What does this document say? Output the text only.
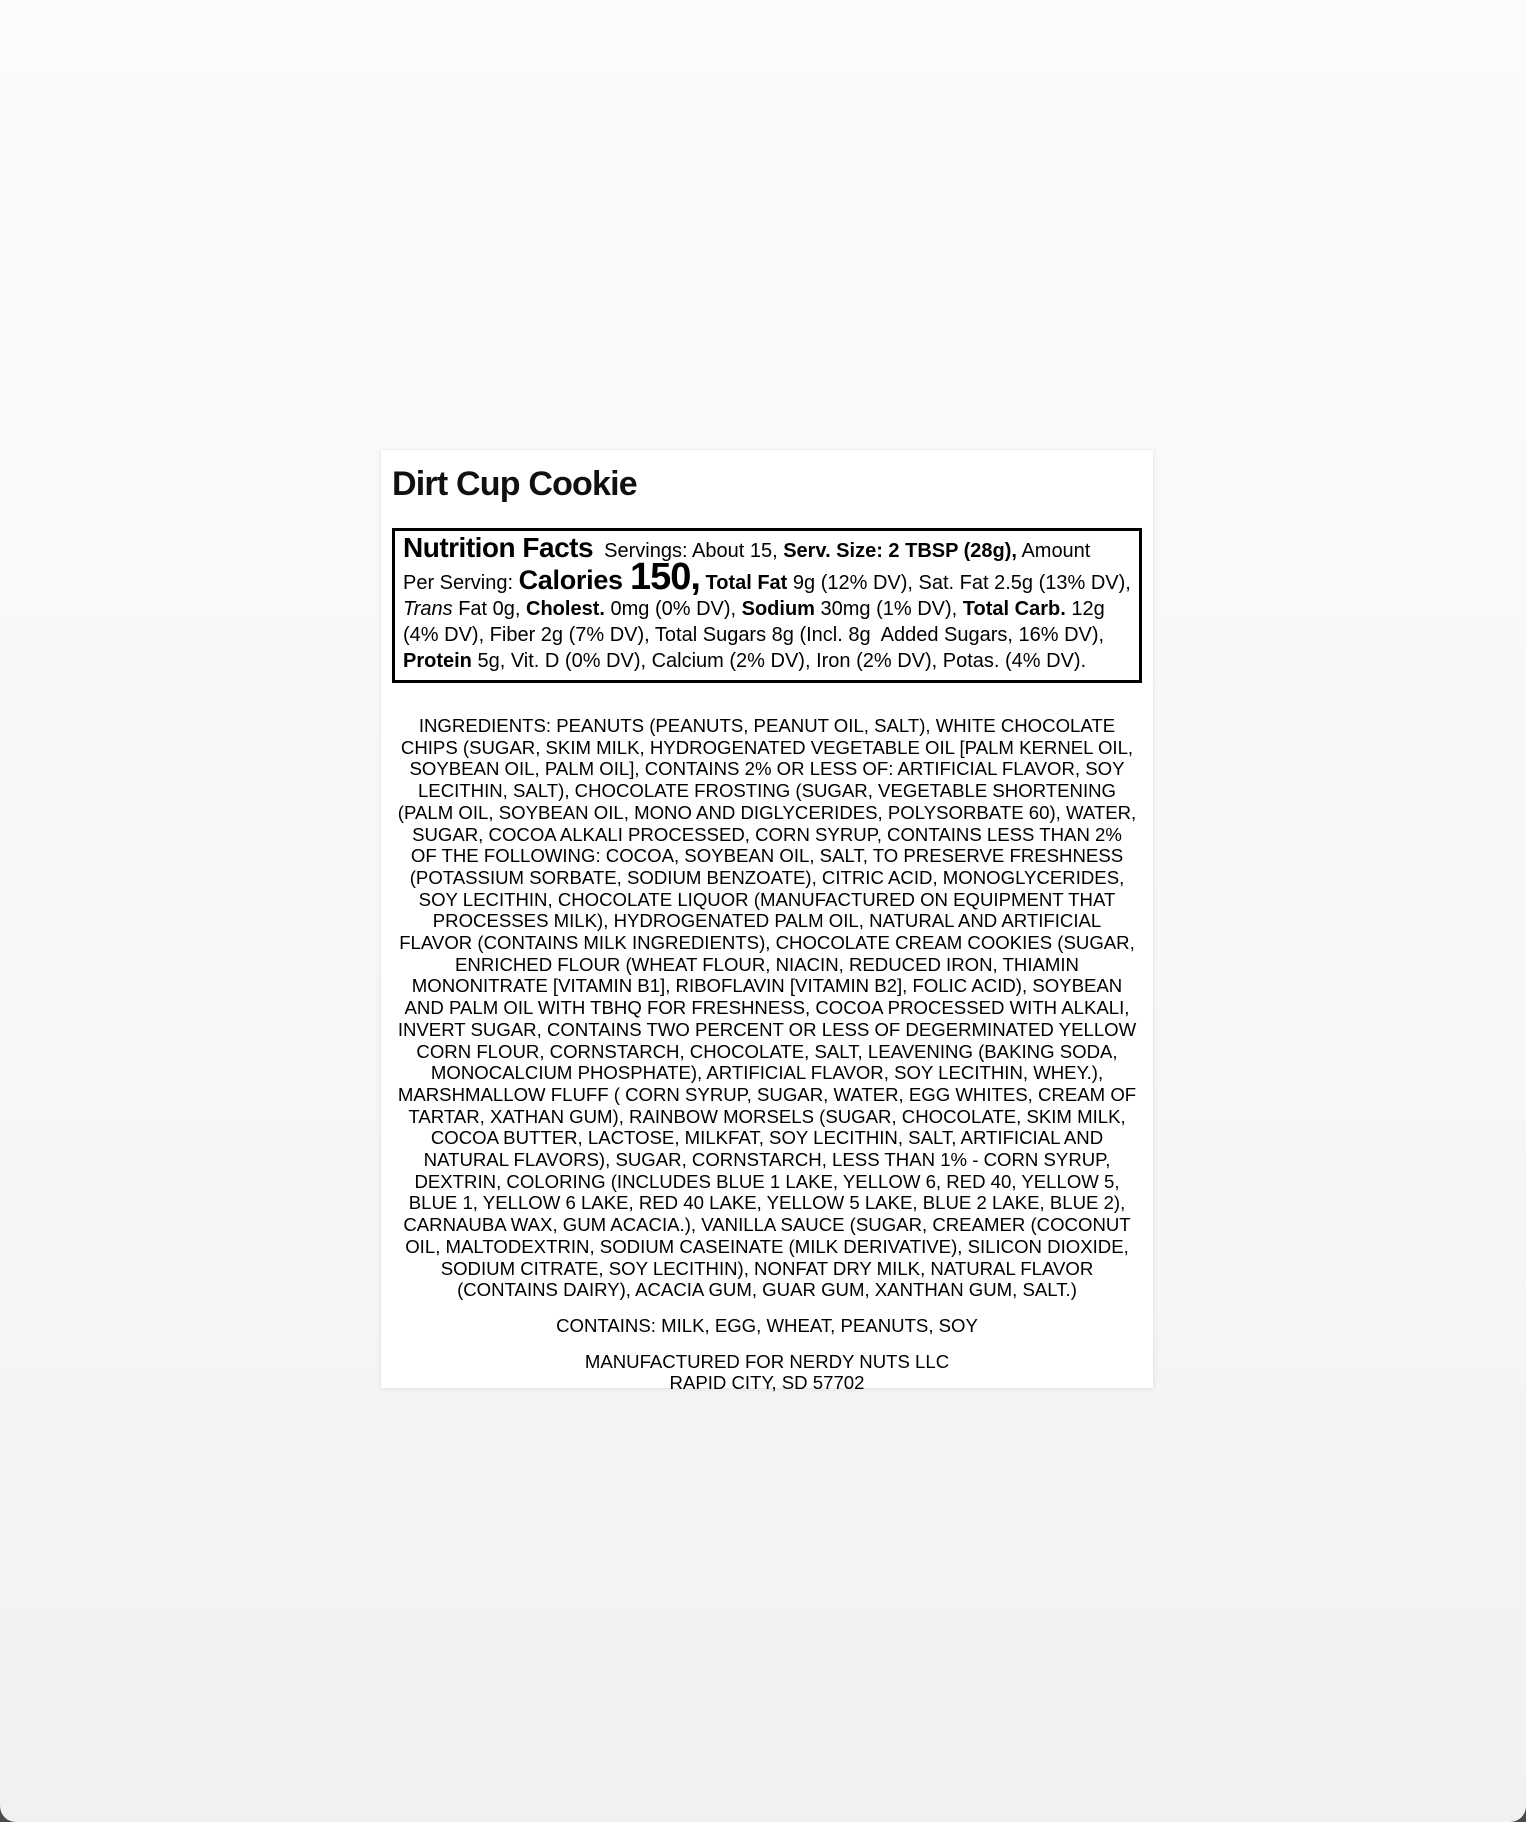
Dirt Cup Cookie
Nutrition Facts  Servings: About 15, Serv. Size: 2 TBSP (28g), Amount
Per Serving: Calories 150, Total Fat 9g (12% DV), Sat. Fat 2.5g (13% DV),
Trans Fat 0g, Cholest. 0mg (0% DV), Sodium 30mg (1% DV), Total Carb. 12g
(4% DV), Fiber 2g (7% DV), Total Sugars 8g (Incl. 8g  Added Sugars, 16% DV),
Protein 5g, Vit. D (0% DV), Calcium (2% DV), Iron (2% DV), Potas. (4% DV).
INGREDIENTS: PEANUTS (PEANUTS, PEANUT OIL, SALT), WHITE CHOCOLATE
CHIPS (SUGAR, SKIM MILK, HYDROGENATED VEGETABLE OIL [PALM KERNEL OIL,
SOYBEAN OIL, PALM OIL], CONTAINS 2% OR LESS OF: ARTIFICIAL FLAVOR, SOY
LECITHIN, SALT), CHOCOLATE FROSTING (SUGAR, VEGETABLE SHORTENING
(PALM OIL, SOYBEAN OIL, MONO AND DIGLYCERIDES, POLYSORBATE 60), WATER,
SUGAR, COCOA ALKALI PROCESSED, CORN SYRUP, CONTAINS LESS THAN 2%
OF THE FOLLOWING: COCOA, SOYBEAN OIL, SALT, TO PRESERVE FRESHNESS
(POTASSIUM SORBATE, SODIUM BENZOATE), CITRIC ACID, MONOGLYCERIDES,
SOY LECITHIN, CHOCOLATE LIQUOR (MANUFACTURED ON EQUIPMENT THAT
PROCESSES MILK), HYDROGENATED PALM OIL, NATURAL AND ARTIFICIAL
FLAVOR (CONTAINS MILK INGREDIENTS), CHOCOLATE CREAM COOKIES (SUGAR,
ENRICHED FLOUR (WHEAT FLOUR, NIACIN, REDUCED IRON, THIAMIN
MONONITRATE [VITAMIN B1], RIBOFLAVIN [VITAMIN B2], FOLIC ACID), SOYBEAN
AND PALM OIL WITH TBHQ FOR FRESHNESS, COCOA PROCESSED WITH ALKALI,
INVERT SUGAR, CONTAINS TWO PERCENT OR LESS OF DEGERMINATED YELLOW
CORN FLOUR, CORNSTARCH, CHOCOLATE, SALT, LEAVENING (BAKING SODA,
MONOCALCIUM PHOSPHATE), ARTIFICIAL FLAVOR, SOY LECITHIN, WHEY.),
MARSHMALLOW FLUFF ( CORN SYRUP, SUGAR, WATER, EGG WHITES, CREAM OF
TARTAR, XATHAN GUM), RAINBOW MORSELS (SUGAR, CHOCOLATE, SKIM MILK,
COCOA BUTTER, LACTOSE, MILKFAT, SOY LECITHIN, SALT, ARTIFICIAL AND
NATURAL FLAVORS), SUGAR, CORNSTARCH, LESS THAN 1% - CORN SYRUP,
DEXTRIN, COLORING (INCLUDES BLUE 1 LAKE, YELLOW 6, RED 40, YELLOW 5,
BLUE 1, YELLOW 6 LAKE, RED 40 LAKE, YELLOW 5 LAKE, BLUE 2 LAKE, BLUE 2),
CARNAUBA WAX, GUM ACACIA.), VANILLA SAUCE (SUGAR, CREAMER (COCONUT
OIL, MALTODEXTRIN, SODIUM CASEINATE (MILK DERIVATIVE), SILICON DIOXIDE,
SODIUM CITRATE, SOY LECITHIN), NONFAT DRY MILK, NATURAL FLAVOR
(CONTAINS DAIRY), ACACIA GUM, GUAR GUM, XANTHAN GUM, SALT.)
CONTAINS: MILK, EGG, WHEAT, PEANUTS, SOY
MANUFACTURED FOR NERDY NUTS LLC
RAPID CITY, SD 57702
